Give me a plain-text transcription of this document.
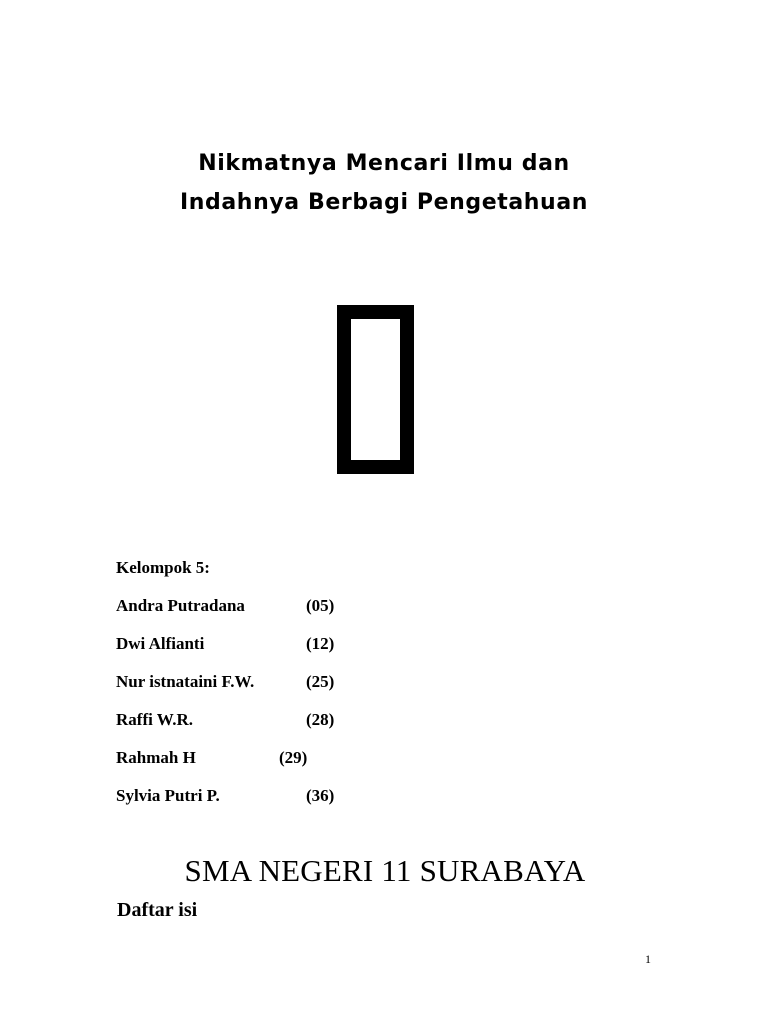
Nikmatnya Mencari Ilmu dan
Indahnya Berbagi Pengetahuan
Kelompok 5:
Andra Putradana	(05)
Dwi Alfianti	(12)
Nur istnataini F.W.	(25)
Raffi W.R.	(28)
Rahmah H	(29)
Sylvia Putri P.	(36)
SMA NEGERI 11 SURABAYA
Daftar isi
1
